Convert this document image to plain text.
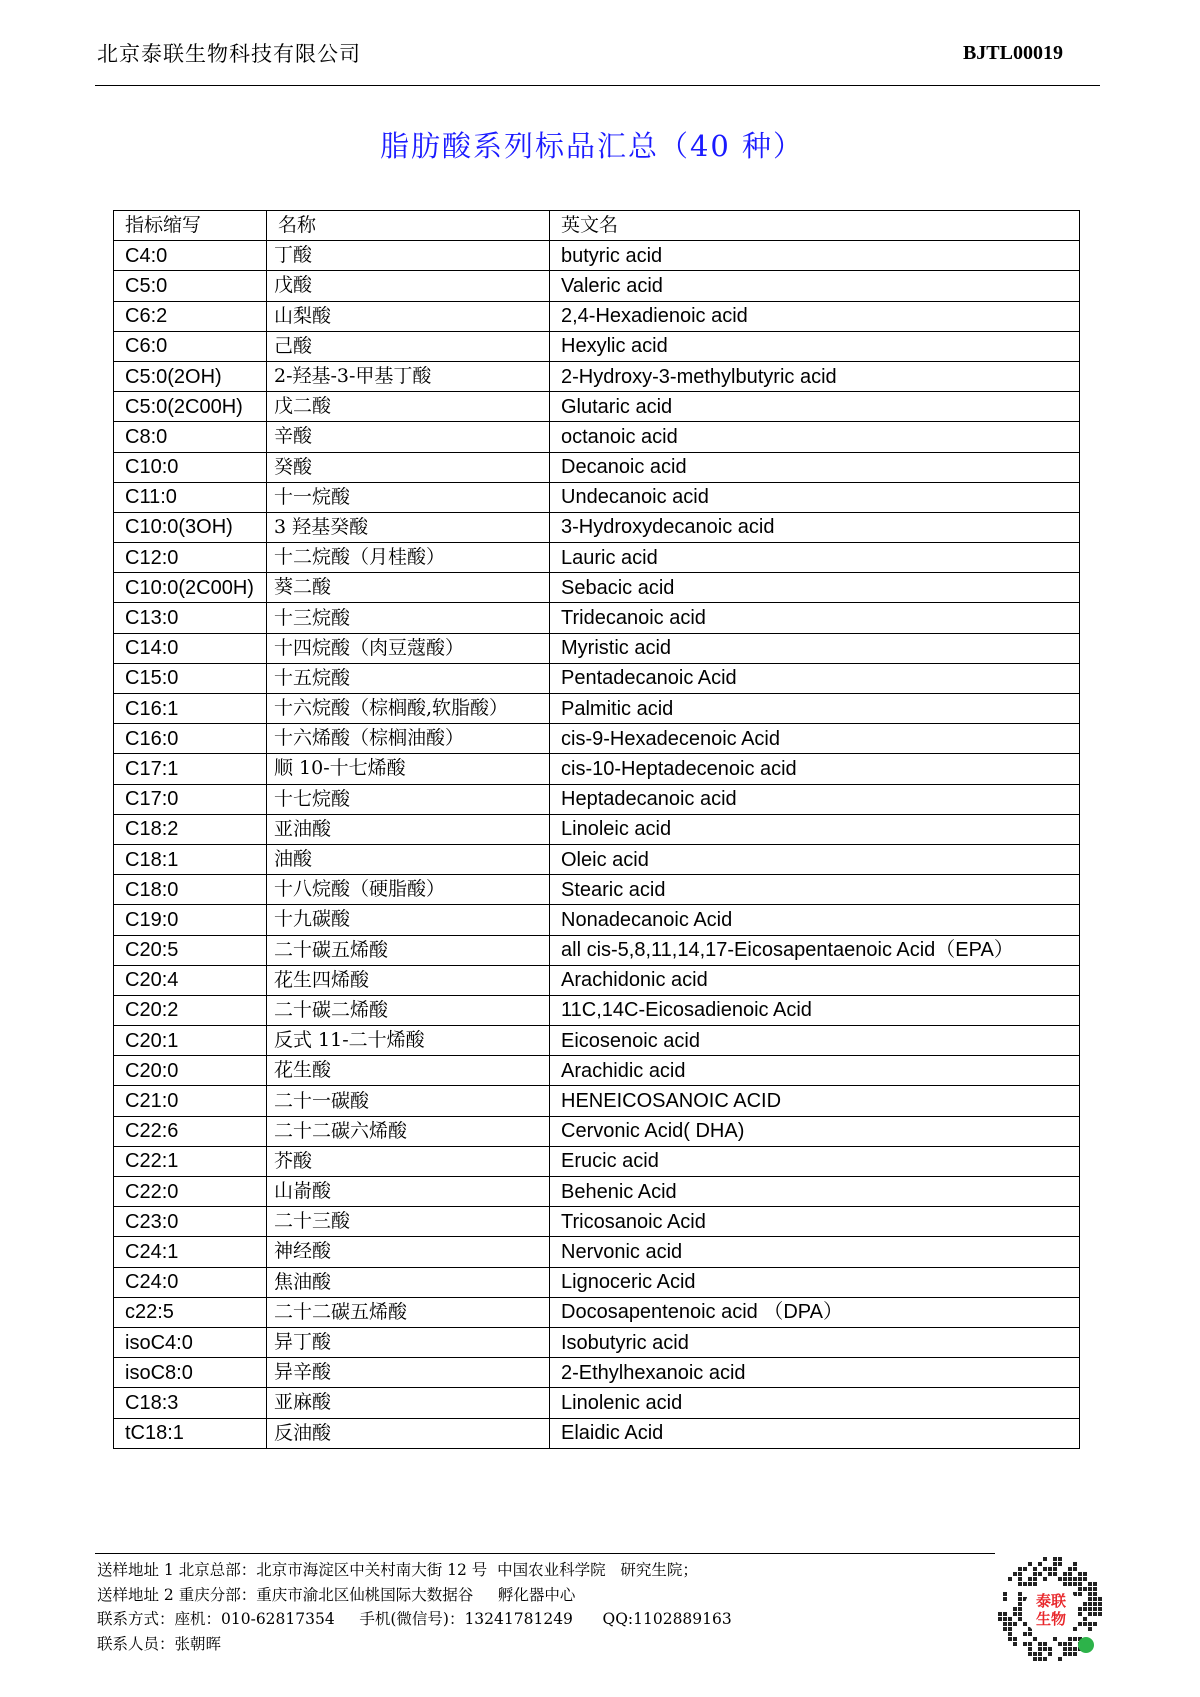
北京泰联生物科技有限公司	BJTL00019
脂肪酸系列标品汇总（40 种）
指标缩写	名称	英文名
C4:0	丁酸	butyric acid
C5:0	戊酸	Valeric acid
C6:2	山梨酸	2,4-Hexadienoic acid
C6:0	己酸	Hexylic acid
C5:0(2OH)	2-羟基-3-甲基丁酸	2-Hydroxy-3-methylbutyric acid
C5:0(2C00H)	戊二酸	Glutaric acid
C8:0	辛酸	octanoic acid
C10:0	癸酸	Decanoic acid
C11:0	十一烷酸	Undecanoic acid
C10:0(3OH)	3 羟基癸酸	3-Hydroxydecanoic acid
C12:0	十二烷酸（月桂酸）	Lauric acid
C10:0(2C00H)	葵二酸	Sebacic acid
C13:0	十三烷酸	Tridecanoic acid
C14:0	十四烷酸（肉豆蔻酸）	Myristic acid
C15:0	十五烷酸	Pentadecanoic Acid
C16:1	十六烷酸（棕榈酸,软脂酸）	Palmitic acid
C16:0	十六烯酸（棕榈油酸）	cis-9-Hexadecenoic Acid
C17:1	顺 10-十七烯酸	cis-10-Heptadecenoic acid
C17:0	十七烷酸	Heptadecanoic acid
C18:2	亚油酸	Linoleic acid
C18:1	油酸	Oleic acid
C18:0	十八烷酸（硬脂酸）	Stearic acid
C19:0	十九碳酸	Nonadecanoic Acid
C20:5	二十碳五烯酸	all cis-5,8,11,14,17-Eicosapentaenoic Acid（EPA）
C20:4	花生四烯酸	Arachidonic acid
C20:2	二十碳二烯酸	11C,14C-Eicosadienoic Acid
C20:1	反式 11-二十烯酸	Eicosenoic acid
C20:0	花生酸	Arachidic acid
C21:0	二十一碳酸	HENEICOSANOIC ACID
C22:6	二十二碳六烯酸	Cervonic Acid( DHA)
C22:1	芥酸	Erucic acid
C22:0	山嵛酸	Behenic Acid
C23:0	二十三酸	Tricosanoic Acid
C24:1	神经酸	Nervonic acid
C24:0	焦油酸	Lignoceric Acid
c22:5	二十二碳五烯酸	Docosapentenoic acid （DPA）
isoC4:0	异丁酸	Isobutyric acid
isoC8:0	异辛酸	2-Ethylhexanoic acid
C18:3	亚麻酸	Linolenic acid
tC18:1	反油酸	Elaidic Acid
送样地址 1 北京总部：北京市海淀区中关村南大街 12 号  中国农业科学院   研究生院；
送样地址 2 重庆分部：重庆市渝北区仙桃国际大数据谷     孵化器中心
联系方式：座机：010-62817354     手机(微信号)：13241781249      QQ:1102889163
联系人员：张朝晖
泰联
生物
